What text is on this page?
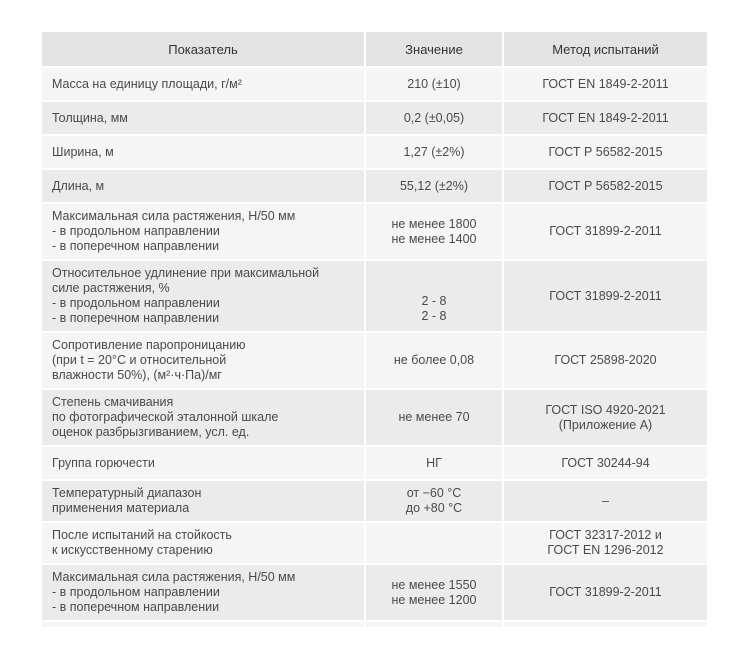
Показатель	Значение	Метод испытаний

Масса на единицу площади, г/м²	210 (±10)	ГОСТ EN 1849-2-2011

Толщина, мм	0,2 (±0,05)	ГОСТ EN 1849-2-2011

Ширина, м	1,27 (±2%)	ГОСТ Р 56582-2015

Длина, м	55,12 (±2%)	ГОСТ Р 56582-2015

Максимальная сила растяжения, Н/50 мм
- в продольном направлении
- в поперечном направлении	не менее 1800
не менее 1400	ГОСТ 31899-2-2011

Относительное удлинение при максимальной
силе растяжения, %
- в продольном направлении
- в поперечном направлении	2 - 8
2 - 8	ГОСТ 31899-2-2011

Сопротивление паропроницанию
(при t = 20°С и относительной
влажности 50%), (м²·ч·Па)/мг	не более 0,08	ГОСТ 25898-2020

Степень смачивания
по фотографической эталонной шкале
оценок разбрызгиванием, усл. ед.	не менее 70	ГОСТ ISO 4920-2021
(Приложение А)

Группа горючести	НГ	ГОСТ 30244-94

Температурный диапазон
применения материала	от −60 °С
до +80 °С	–

После испытаний на стойкость
к искусственному старению		ГОСТ 32317-2012 и
ГОСТ EN 1296-2012

Максимальная сила растяжения, Н/50 мм
- в продольном направлении
- в поперечном направлении	не менее 1550
не менее 1200	ГОСТ 31899-2-2011
